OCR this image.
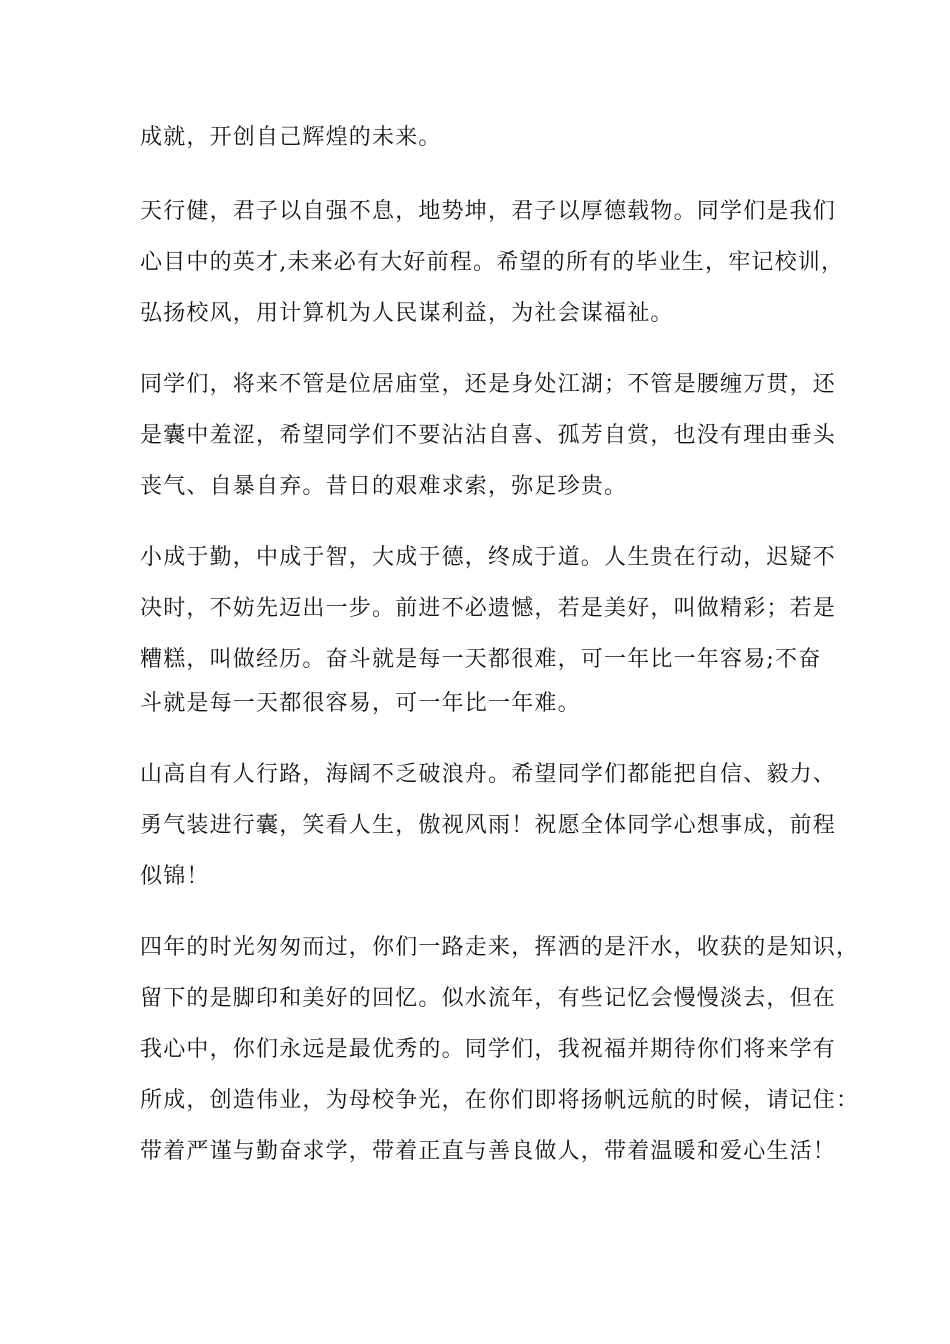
成就，开创自己辉煌的未来。
天行健，君子以自强不息，地势坤，君子以厚德载物。同学们是我们
心目中的英才,未来必有大好前程。希望的所有的毕业生，牢记校训，
弘扬校风，用计算机为人民谋利益，为社会谋福祉。
同学们，将来不管是位居庙堂，还是身处江湖；不管是腰缠万贯，还
是囊中羞涩，希望同学们不要沾沾自喜、孤芳自赏，也没有理由垂头
丧气、自暴自弃。昔日的艰难求索，弥足珍贵。
小成于勤，中成于智，大成于德，终成于道。人生贵在行动，迟疑不
决时，不妨先迈出一步。前进不必遗憾，若是美好，叫做精彩；若是
糟糕，叫做经历。奋斗就是每一天都很难，可一年比一年容易;不奋
斗就是每一天都很容易，可一年比一年难。
山高自有人行路，海阔不乏破浪舟。希望同学们都能把自信、毅力、
勇气装进行囊，笑看人生，傲视风雨！祝愿全体同学心想事成，前程
似锦！
四年的时光匆匆而过，你们一路走来，挥洒的是汗水，收获的是知识，
留下的是脚印和美好的回忆。似水流年，有些记忆会慢慢淡去，但在
我心中，你们永远是最优秀的。同学们，我祝福并期待你们将来学有
所成，创造伟业，为母校争光，在你们即将扬帆远航的时候，请记住：
带着严谨与勤奋求学，带着正直与善良做人，带着温暖和爱心生活！
